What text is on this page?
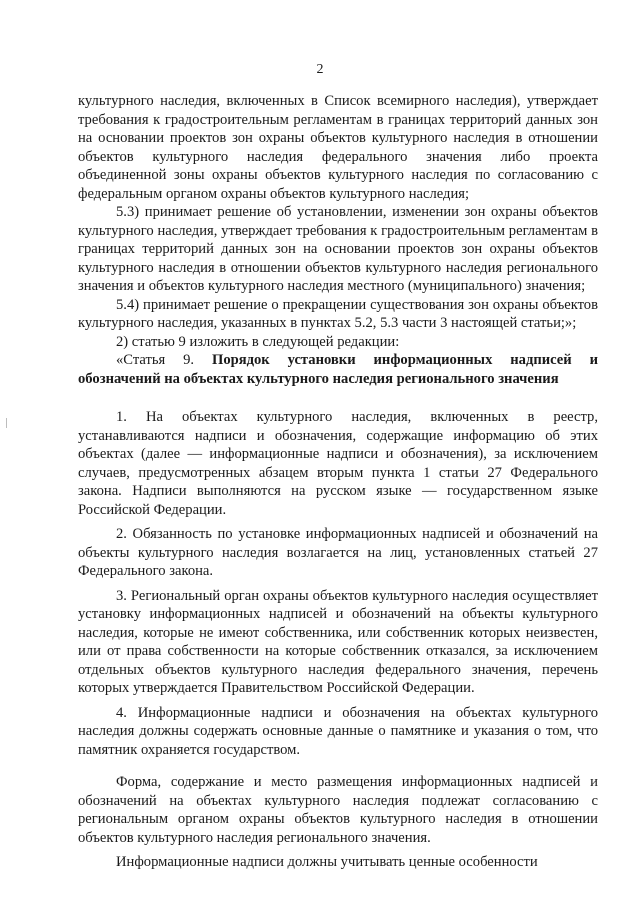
2

культурного наследия, включенных в Список всемирного наследия), утверждает требования к градостроительным регламентам в границах территорий данных зон на основании проектов зон охраны объектов культурного наследия в отношении объектов культурного наследия федерального значения либо проекта объединенной зоны охраны объектов культурного наследия по согласованию с федеральным органом охраны объектов культурного наследия;

5.3) принимает решение об установлении, изменении зон охраны объектов культурного наследия, утверждает требования к градостроительным регламентам в границах территорий данных зон на основании проектов зон охраны объектов культурного наследия в отношении объектов культурного наследия регионального значения и объектов культурного наследия местного (муниципального) значения;

5.4) принимает решение о прекращении существования зон охраны объектов культурного наследия, указанных в пунктах 5.2, 5.3 части 3 настоящей статьи;»;

2) статью 9 изложить в следующей редакции:

«Статья 9. Порядок установки информационных надписей и обозначений на объектах культурного наследия регионального значения

1. На объектах культурного наследия, включенных в реестр, устанавливаются надписи и обозначения, содержащие информацию об этих объектах (далее — информационные надписи и обозначения), за исключением случаев, предусмотренных абзацем вторым пункта 1 статьи 27 Федерального закона. Надписи выполняются на русском языке — государственном языке Российской Федерации.

2. Обязанность по установке информационных надписей и обозначений на объекты культурного наследия возлагается на лиц, установленных статьей 27 Федерального закона.

3. Региональный орган охраны объектов культурного наследия осуществляет установку информационных надписей и обозначений на объекты культурного наследия, которые не имеют собственника, или собственник которых неизвестен, или от права собственности на которые собственник отказался, за исключением отдельных объектов культурного наследия федерального значения, перечень которых утверждается Правительством Российской Федерации.

4. Информационные надписи и обозначения на объектах культурного наследия должны содержать основные данные о памятнике и указания о том, что памятник охраняется государством.

Форма, содержание и место размещения информационных надписей и обозначений на объектах культурного наследия подлежат согласованию с региональным органом охраны объектов культурного наследия в отношении объектов культурного наследия регионального значения.

Информационные надписи должны учитывать ценные особенности
